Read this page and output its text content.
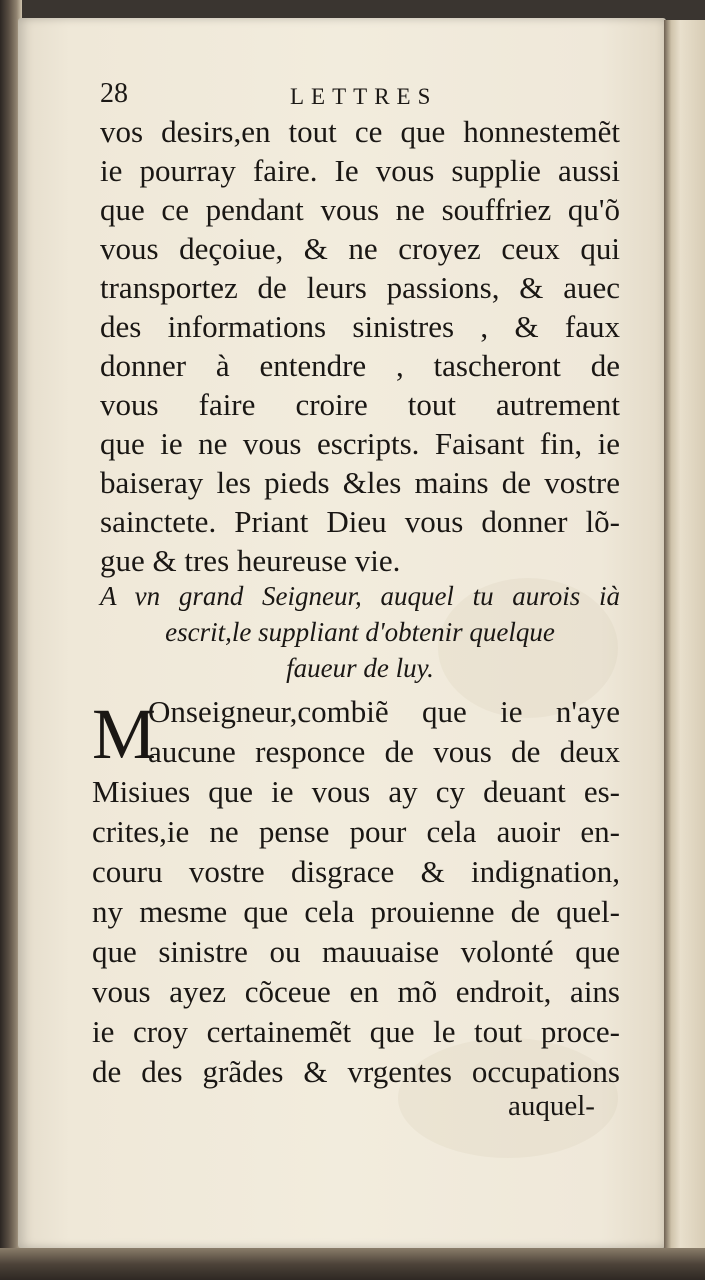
28	LETTRES
vos desirs,en tout ce que honnestemẽt
ie pourray faire. Ie vous supplie aussi
que ce pendant vous ne souffriez qu'õ
vous deçoiue, & ne croyez ceux qui
transportez de leurs passions, & auec
des informations sinistres , & faux
donner à entendre , tascheront de
vous faire croire tout autrement
que ie ne vous escripts. Faisant fin, ie
baiseray les pieds &les mains de vostre
sainctete. Priant Dieu vous donner lõ-
gue & tres heureuse vie.
A vn grand Seigneur, auquel tu aurois ià
escrit,le suppliant d'obtenir quelque
faueur de luy.
M
Onseigneur,combiẽ que ie n'aye
aucune responce de vous de deux
Misiues que ie vous ay cy deuant es-
crites,ie ne pense pour cela auoir en-
couru vostre disgrace & indignation,
ny mesme que cela prouienne de quel-
que sinistre ou mauuaise volonté que
vous ayez cõceue en mõ endroit, ains
ie croy certainemẽt que le tout proce-
de des grãdes & vrgentes occupations
auquel-
